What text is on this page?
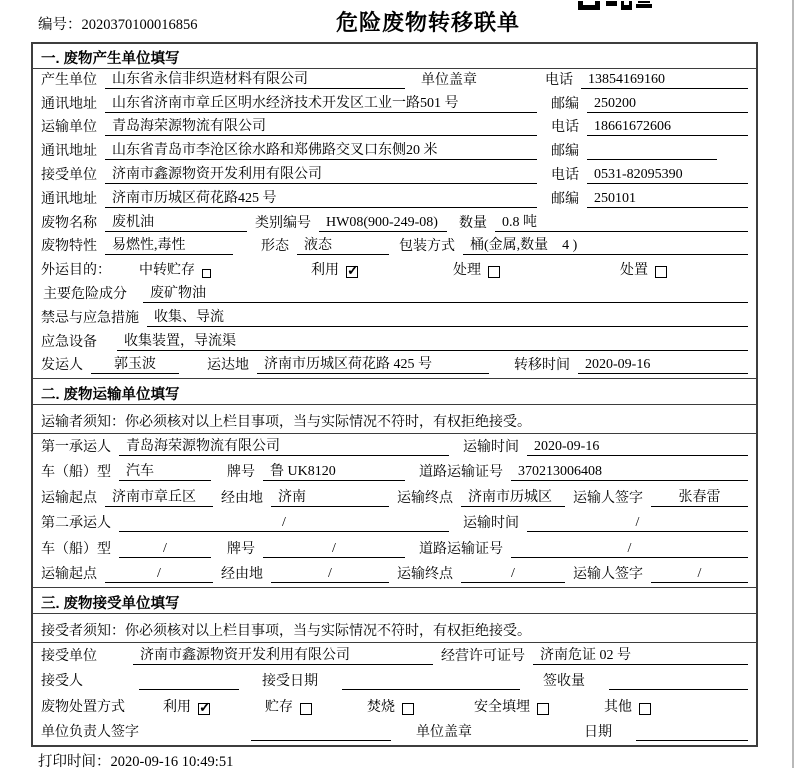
编号：2020370100016856	危险废物转移联单
一. 废物产生单位填写
产生单位	山东省永信非织造材料有限公司	单位盖章	电话	13854169160
通讯地址	山东省济南市章丘区明水经济技术开发区工业一路501 号	邮编	250200
运输单位	青岛海荣源物流有限公司	电话	18661672606
通讯地址	山东省青岛市李沧区徐水路和郑佛路交叉口东侧20 米	邮编
接受单位	济南市鑫源物资开发利用有限公司	电话	0531-82095390
通讯地址	济南市历城区荷花路425 号	邮编	250101
废物名称	废机油	类别编号	HW08(900-249-08)	数量	0.8 吨
废物特性	易燃性,毒性	形态	液态	包装方式	桶(金属,数量　4 )
外运目的： 中转贮存	利用 ✓	处理	处置
主要危险成分	废矿物油
禁忌与应急措施	收集、导流
应急设备	收集装置，导流渠
发运人	郭玉波	运达地	济南市历城区荷花路 425 号	转移时间	2020-09-16
二. 废物运输单位填写
运输者须知：你必须核对以上栏目事项，当与实际情况不符时，有权拒绝接受。
第一承运人	青岛海荣源物流有限公司	运输时间	2020-09-16
车（船）型	汽车	牌号	鲁 UK8120	道路运输证号	370213006408
运输起点	济南市章丘区	经由地	济南	运输终点	济南市历城区	运输人签字	张春雷
第二承运人	/	运输时间	/
车（船）型	/	牌号	/	道路运输证号	/
运输起点	/	经由地	/	运输终点	/	运输人签字	/
三. 废物接受单位填写
接受者须知：你必须核对以上栏目事项，当与实际情况不符时，有权拒绝接受。
接受单位	济南市鑫源物资开发利用有限公司	经营许可证号	济南危证 02 号
接受人	接受日期	签收量
废物处置方式	利用 ✓	贮存	焚烧	安全填埋	其他
单位负责人签字	单位盖章	日期
打印时间：2020-09-16 10:49:51
